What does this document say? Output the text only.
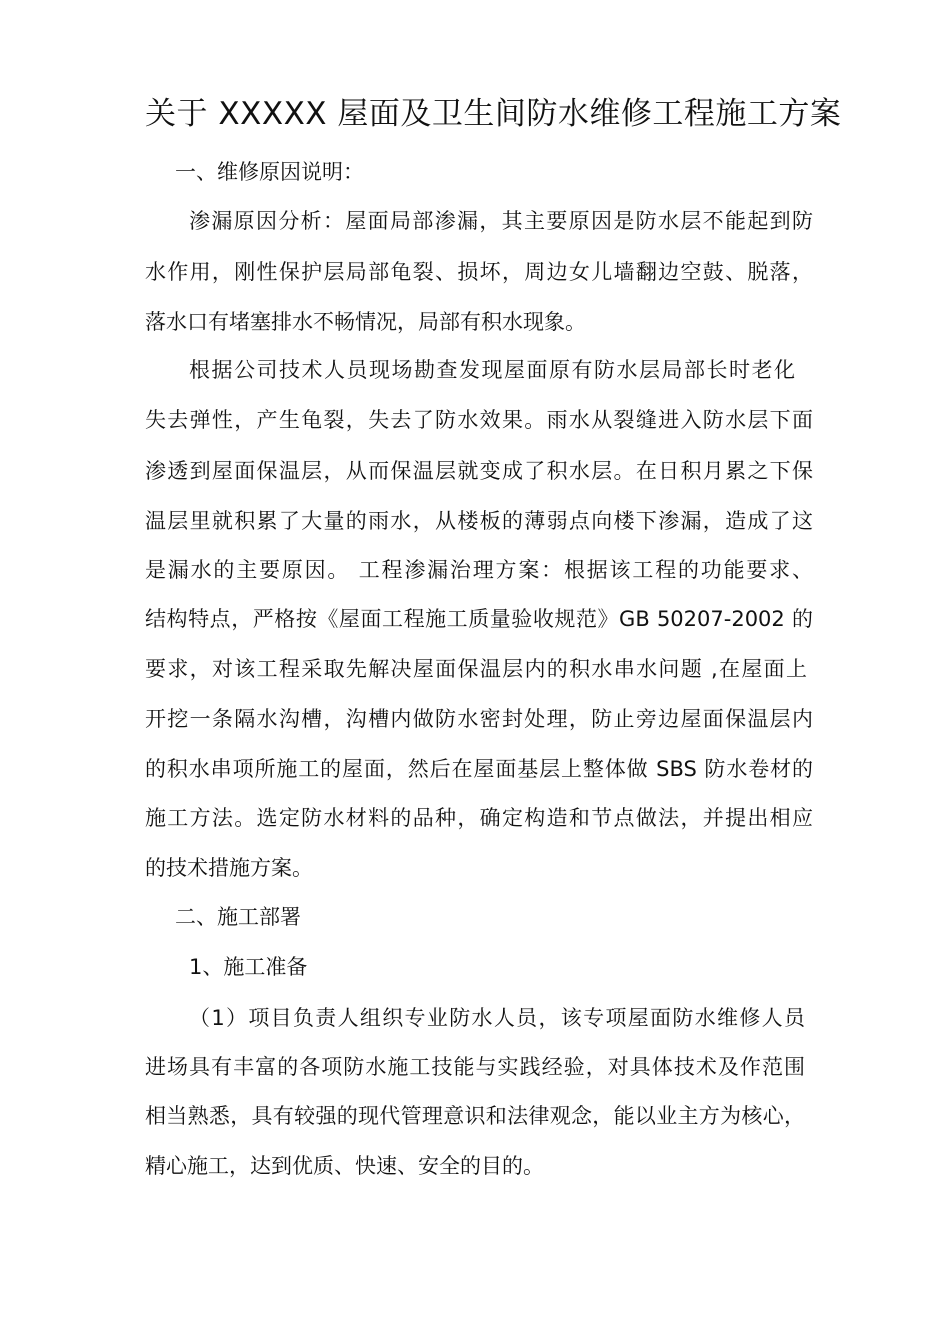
关于 XXXXX 屋面及卫生间防水维修工程施工方案
一、维修原因说明：
渗漏原因分析：屋面局部渗漏，其主要原因是防水层不能起到防
水作用，刚性保护层局部龟裂、损坏，周边女儿墙翻边空鼓、脱落，
落水口有堵塞排水不畅情况，局部有积水现象。
根据公司技术人员现场勘查发现屋面原有防水层局部长时老化
失去弹性，产生龟裂，失去了防水效果。雨水从裂缝进入防水层下面
渗透到屋面保温层，从而保温层就变成了积水层。在日积月累之下保
温层里就积累了大量的雨水，从楼板的薄弱点向楼下渗漏，造成了这
是漏水的主要原因。 工程渗漏治理方案：根据该工程的功能要求、
结构特点，严格按《屋面工程施工质量验收规范》GB 50207-2002 的
要求，对该工程采取先解决屋面保温层内的积水串水问题 ,在屋面上
开挖一条隔水沟槽，沟槽内做防水密封处理，防止旁边屋面保温层内
的积水串项所施工的屋面，然后在屋面基层上整体做 SBS 防水卷材的
施工方法。选定防水材料的品种，确定构造和节点做法，并提出相应
的技术措施方案。
二、施工部署
1、施工准备
（1）项目负责人组织专业防水人员，该专项屋面防水维修人员
进场具有丰富的各项防水施工技能与实践经验，对具体技术及作范围
相当熟悉，具有较强的现代管理意识和法律观念，能以业主方为核心，
精心施工，达到优质、快速、安全的目的。
